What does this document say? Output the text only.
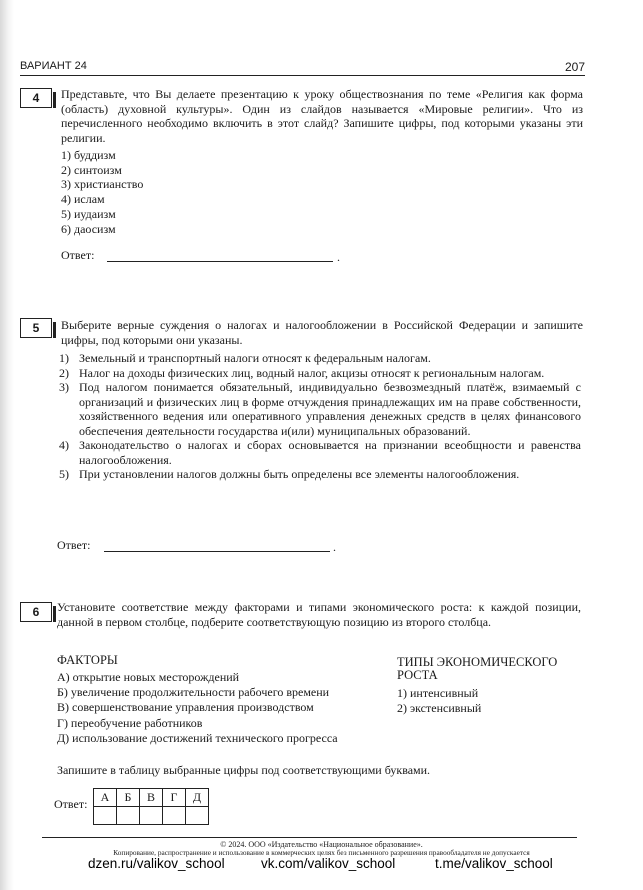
ВАРИАНТ 24	207
4	Представьте, что Вы делаете презентацию к уроку обществознания по теме «Религия как форма (область) духовной культуры». Один из слайдов называется «Мировые религии». Что из перечисленного необходимо включить в этот слайд? Запишите цифры, под которыми указаны эти религии.
1) буддизм
2) синтоизм
3) христианство
4) ислам
5) иудаизм
6) даосизм
Ответ:	.
5	Выберите верные суждения о налогах и налогообложении в Российской Федерации и запишите цифры, под которыми они указаны.
1) Земельный и транспортный налоги относят к федеральным налогам.
2) Налог на доходы физических лиц, водный налог, акцизы относят к региональным налогам.
3) Под налогом понимается обязательный, индивидуально безвозмездный платёж, взимаемый с организаций и физических лиц в форме отчуждения принадлежащих им на праве собственности, хозяйственного ведения или оперативного управления денежных средств в целях финансового обеспечения деятельности государства и(или) муниципальных образований.
4) Законодательство о налогах и сборах основывается на признании всеобщности и равенства налогообложения.
5) При установлении налогов должны быть определены все элементы налогообложения.
Ответ:	.
6	Установите соответствие между факторами и типами экономического роста: к каждой позиции, данной в первом столбце, подберите соответствующую позицию из второго столбца.
ФАКТОРЫ
А) открытие новых месторождений
Б) увеличение продолжительности рабочего времени
В) совершенствование управления производством
Г) переобучение работников
Д) использование достижений технического прогресса
ТИПЫ ЭКОНОМИЧЕСКОГО
РОСТА
1) интенсивный
2) экстенсивный
Запишите в таблицу выбранные цифры под соответствующими буквами.
Ответ: А	Б	В	Г	Д

© 2024. ООО «Издательство «Национальное образование».
Копирование, распространение и использование в коммерческих целях без письменного разрешения правообладателя не допускается
dzen.ru/valikov_school	vk.com/valikov_school	t.me/valikov_school
